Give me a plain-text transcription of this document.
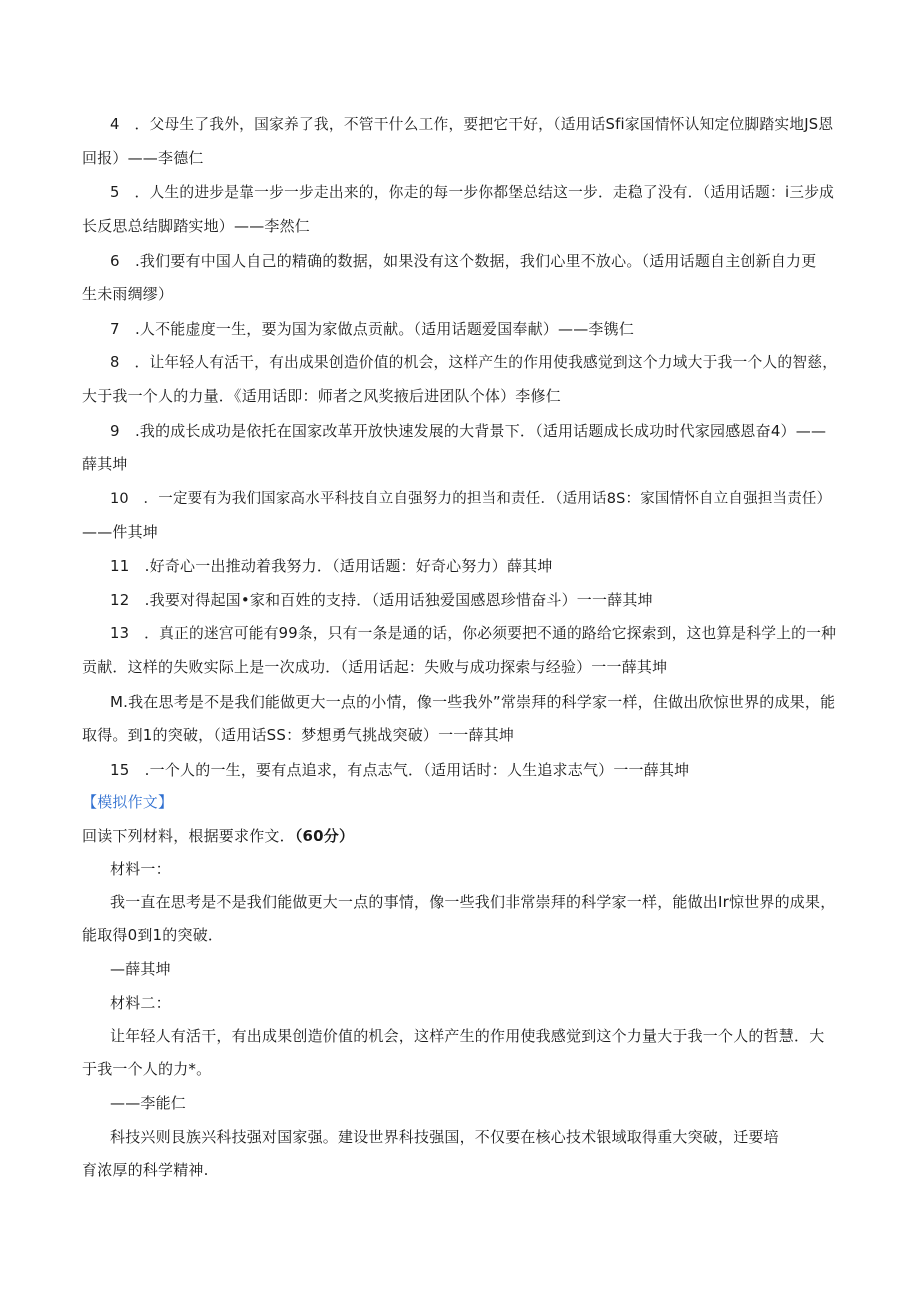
4　．父母生了我外，国家养了我，不管干什么工作，要把它干好，（适用话Sfi家国情怀认知定位脚踏实地JS恩
回报）——李德仁
5　．人生的进步是靠一步一步走出来的，你走的每一步你都堡总结这一步．走稳了没有．（适用话题：i三步成
长反思总结脚踏实地）——李然仁
6　.我们要有中国人自己的精确的数据，如果没有这个数据，我们心里不放心。（适用话题自主创新自力更
生未雨绸缪）
7　.人不能虚度一生，要为国为家做点贡献。（适用话题爱国奉献）——李镌仁
8　．让年轻人有活干，有出成果创造价值的机会，这样产生的作用使我感觉到这个力域大于我一个人的智慈，
大于我一个人的力量．《适用话即：师者之风奖掖后进团队个体）李修仁
9　.我的成长成功是依托在国家改革开放快速发展的大背景下．（适用话题成长成功时代家园感恩奋4）——
薛其坤
10　．一定要有为我们国家高水平科技自立自强努力的担当和责任．（适用话8S：家国情怀自立自强担当责任）
——件其坤
11　.好奇心一出推动着我努力．（适用话题：好奇心努力）薛其坤
12　.我要对得起国•家和百姓的支持．（适用话独爱国感恩珍惜奋斗）一一薛其坤
13　．真正的迷宫可能有99条，只有一条是通的话，你必须要把不通的路给它探索到，这也算是科学上的一种
贡献．这样的失败实际上是一次成功．（适用话起：失败与成功探索与经验）一一薛其坤
M.我在思考是不是我们能做更大一点的小情，像一些我外”常崇拜的科学家一样，住做出欣惊世界的成果，能
取得。到1的突破，（适用话SS：梦想勇气挑战突破）一一薛其坤
15　.一个人的一生，要有点追求，有点志气．（适用话时：人生追求志气）一一薛其坤
【模拟作文】
回读下列材料，根据要求作文．（60分）
材料一：
我一直在思考是不是我们能做更大一点的事情，像一些我们非常崇拜的科学家一样，能做出Ir惊世界的成果，
能取得0到1的突破．
—薛其坤
材料二：
让年轻人有活干，有出成果创造价值的机会，这样产生的作用使我感觉到这个力量大于我一个人的哲慧．大
于我一个人的力*。
——李能仁
科技兴则艮族兴科技强对国家强。建设世界科技强国，不仅要在核心技术银域取得重大突破，迁要培
育浓厚的科学精神.
